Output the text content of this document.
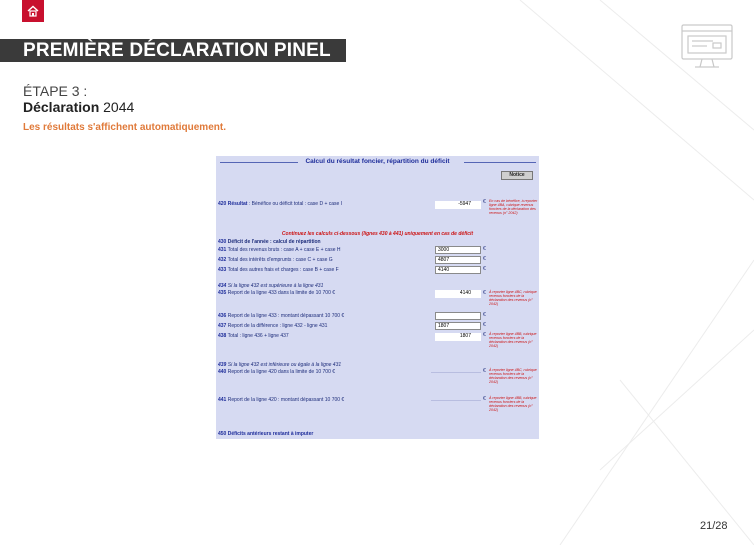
PREMIÈRE DÉCLARATION PINEL
ÉTAPE 3 :
Déclaration 2044
Les résultats s'affichent automatiquement.
Calcul du résultat foncier, répartition du déficit
Notice
420 Résultat : Bénéfice ou déficit total : case D + case I	-5947	€ En cas de bénéfice, à reporter ligne 4BA, rubrique revenus fonciers de la déclaration des revenus (n° 2042)
Continuez les calculs ci-dessous (lignes 430 à 441) uniquement en cas de déficit
430 Déficit de l'année : calcul de répartition
431 Total des revenus bruts : case A + case E + case H	3000	€
432 Total des intérêts d'emprunts : case C + case G	4807	€
433 Total des autres frais et charges : case B + case F	4140	€
434 Si la ligne 432 est supérieure à la ligne 431
435 Report de la ligne 433 dans la limite de 10 700 €	4140	€ À reporter ligne 4BC, rubrique revenus fonciers de la déclaration des revenus (n° 2042)
436 Report de la ligne 433 : montant dépassant 10 700 €	€
437 Report de la différence : ligne 432 - ligne 431	1807	€
438 Total : ligne 436 + ligne 437	1807	€ À reporter ligne 4BB, rubrique revenus fonciers de la déclaration des revenus (n° 2042)
439 Si la ligne 432 est inférieure ou égale à la ligne 431
440 Report de la ligne 420 dans la limite de 10 700 €	€ À reporter ligne 4BC, rubrique revenus fonciers de la déclaration des revenus (n° 2042)
441 Report de la ligne 420 : montant dépassant 10 700 €	€ À reporter ligne 4BB, rubrique revenus fonciers de la déclaration des revenus (n° 2042)
450 Déficits antérieurs restant à imputer
21/28
